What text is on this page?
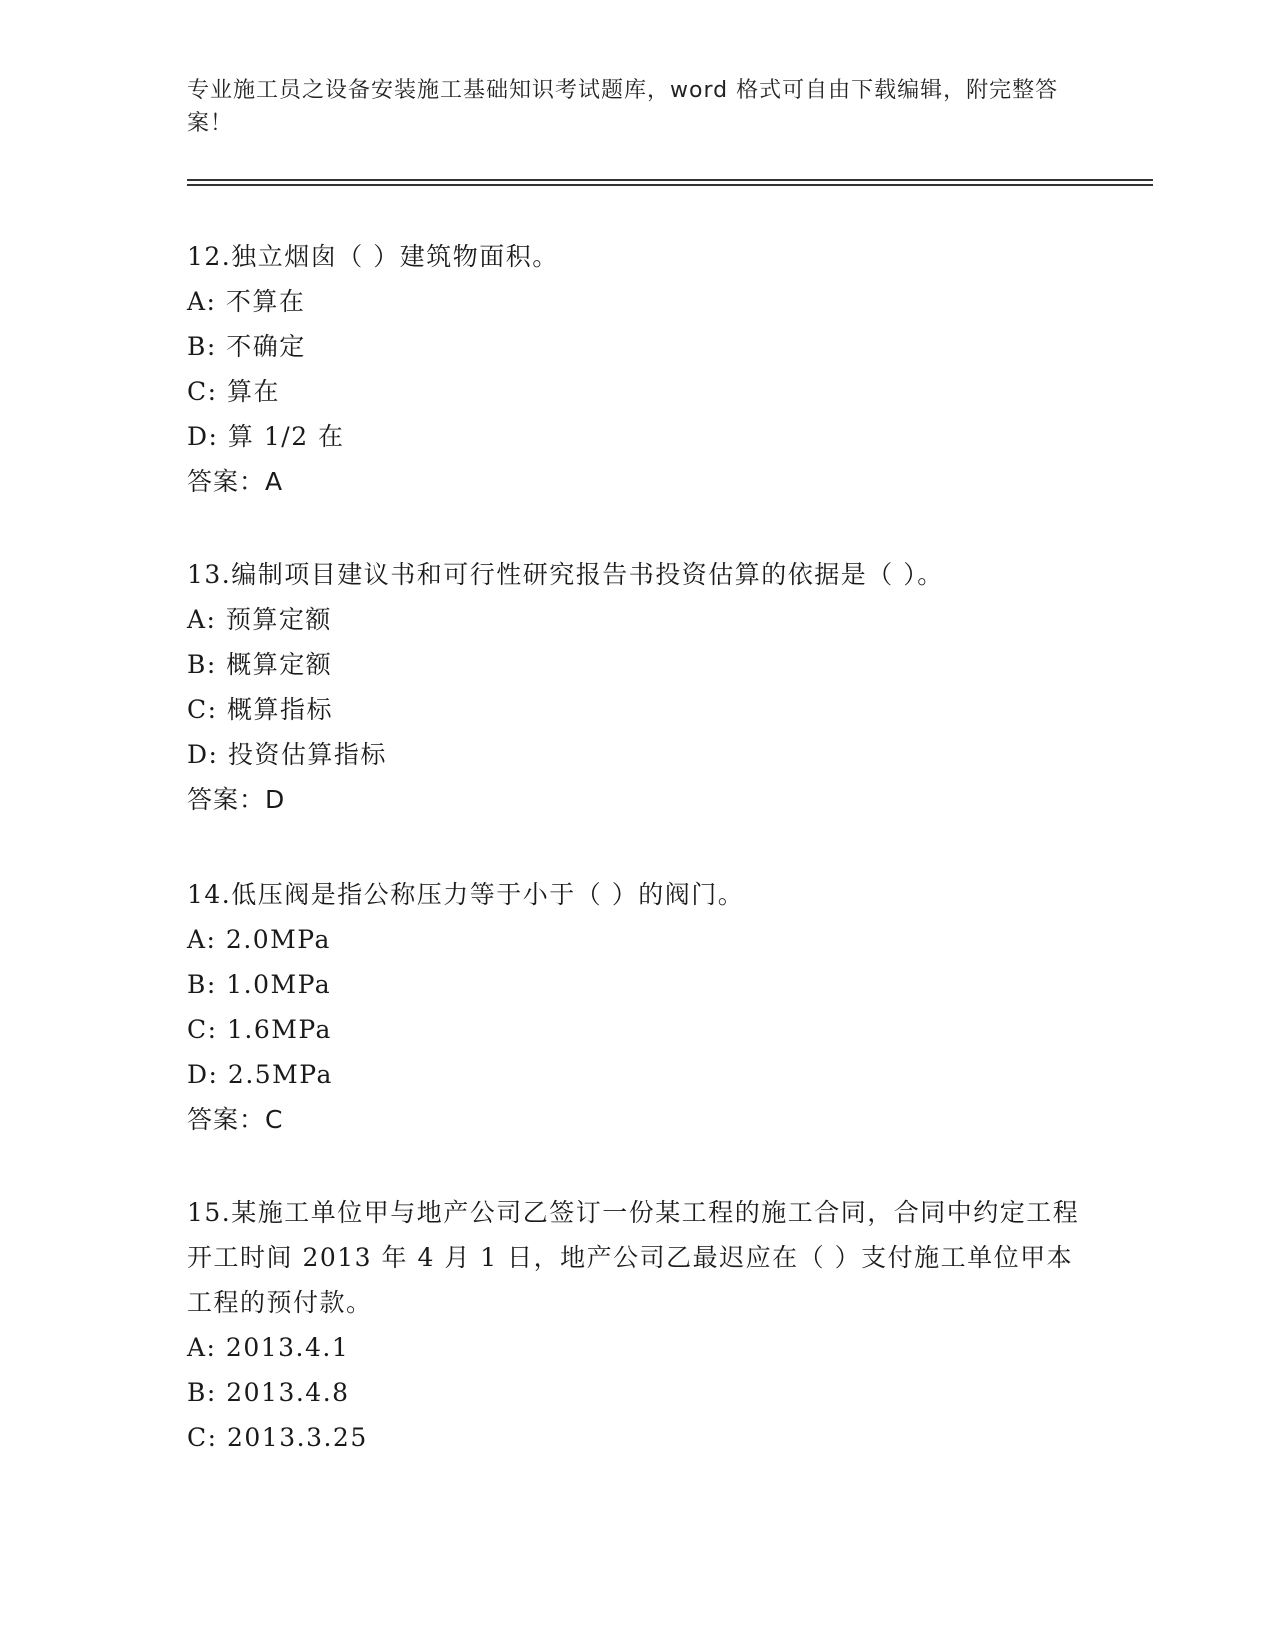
专业施工员之设备安装施工基础知识考试题库，word 格式可自由下载编辑，附完整答案！

12.独立烟囱（ ）建筑物面积。

A: 不算在

B: 不确定

C: 算在

D: 算 1/2 在

答案：A

13.编制项目建议书和可行性研究报告书投资估算的依据是（ ）。

A: 预算定额

B: 概算定额

C: 概算指标

D: 投资估算指标

答案：D

14.低压阀是指公称压力等于小于（ ）的阀门。

A: 2.0MPa

B: 1.0MPa

C: 1.6MPa

D: 2.5MPa

答案：C

15.某施工单位甲与地产公司乙签订一份某工程的施工合同，合同中约定工程开工时间 2013 年 4 月 1 日，地产公司乙最迟应在（ ）支付施工单位甲本工程的预付款。

A: 2013.4.1

B: 2013.4.8

C: 2013.3.25
